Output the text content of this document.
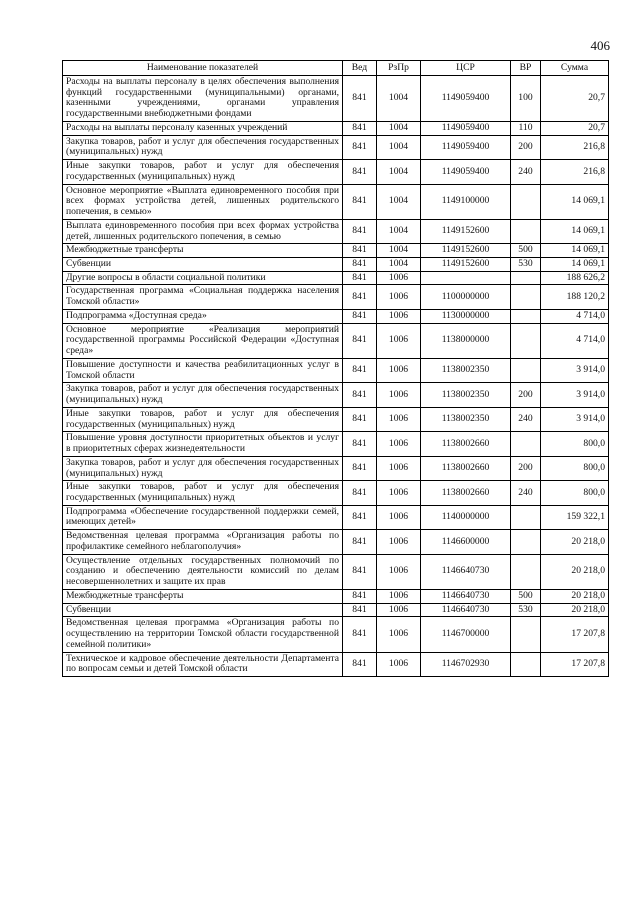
406
Наименование показателей	Вед	РзПр	ЦСР	ВР	Сумма
Расходы на выплаты персоналу в целях обеспечения выполнения функций государственными (муниципальными) органами, казенными учреждениями, органами управления государственными внебюджетными фондами	841	1004	1149059400	100	20,7
Расходы на выплаты персоналу казенных учреждений	841	1004	1149059400	110	20,7
Закупка товаров, работ и услуг для обеспечения государственных (муниципальных) нужд	841	1004	1149059400	200	216,8
Иные закупки товаров, работ и услуг для обеспечения государственных (муниципальных) нужд	841	1004	1149059400	240	216,8
Основное мероприятие «Выплата единовременного пособия при всех формах устройства детей, лишенных родительского попечения, в семью»	841	1004	1149100000		14 069,1
Выплата единовременного пособия при всех формах устройства детей, лишенных родительского попечения, в семью	841	1004	1149152600		14 069,1
Межбюджетные трансферты	841	1004	1149152600	500	14 069,1
Субвенции	841	1004	1149152600	530	14 069,1
Другие вопросы в области социальной политики	841	1006			188 626,2
Государственная программа «Социальная поддержка населения Томской области»	841	1006	1100000000		188 120,2
Подпрограмма «Доступная среда»	841	1006	1130000000		4 714,0
Основное мероприятие «Реализация мероприятий государственной программы Российской Федерации «Доступная среда»	841	1006	1138000000		4 714,0
Повышение доступности и качества реабилитационных услуг в Томской области	841	1006	1138002350		3 914,0
Закупка товаров, работ и услуг для обеспечения государственных (муниципальных) нужд	841	1006	1138002350	200	3 914,0
Иные закупки товаров, работ и услуг для обеспечения государственных (муниципальных) нужд	841	1006	1138002350	240	3 914,0
Повышение уровня доступности приоритетных объектов и услуг в приоритетных сферах жизнедеятельности	841	1006	1138002660		800,0
Закупка товаров, работ и услуг для обеспечения государственных (муниципальных) нужд	841	1006	1138002660	200	800,0
Иные закупки товаров, работ и услуг для обеспечения государственных (муниципальных) нужд	841	1006	1138002660	240	800,0
Подпрограмма «Обеспечение государственной поддержки семей, имеющих детей»	841	1006	1140000000		159 322,1
Ведомственная целевая программа «Организация работы по профилактике семейного неблагополучия»	841	1006	1146600000		20 218,0
Осуществление отдельных государственных полномочий по созданию и обеспечению деятельности комиссий по делам несовершеннолетних и защите их прав	841	1006	1146640730		20 218,0
Межбюджетные трансферты	841	1006	1146640730	500	20 218,0
Субвенции	841	1006	1146640730	530	20 218,0
Ведомственная целевая программа «Организация работы по осуществлению на территории Томской области государственной семейной политики»	841	1006	1146700000		17 207,8
Техническое и кадровое обеспечение деятельности Департамента по вопросам семьи и детей Томской области	841	1006	1146702930		17 207,8
